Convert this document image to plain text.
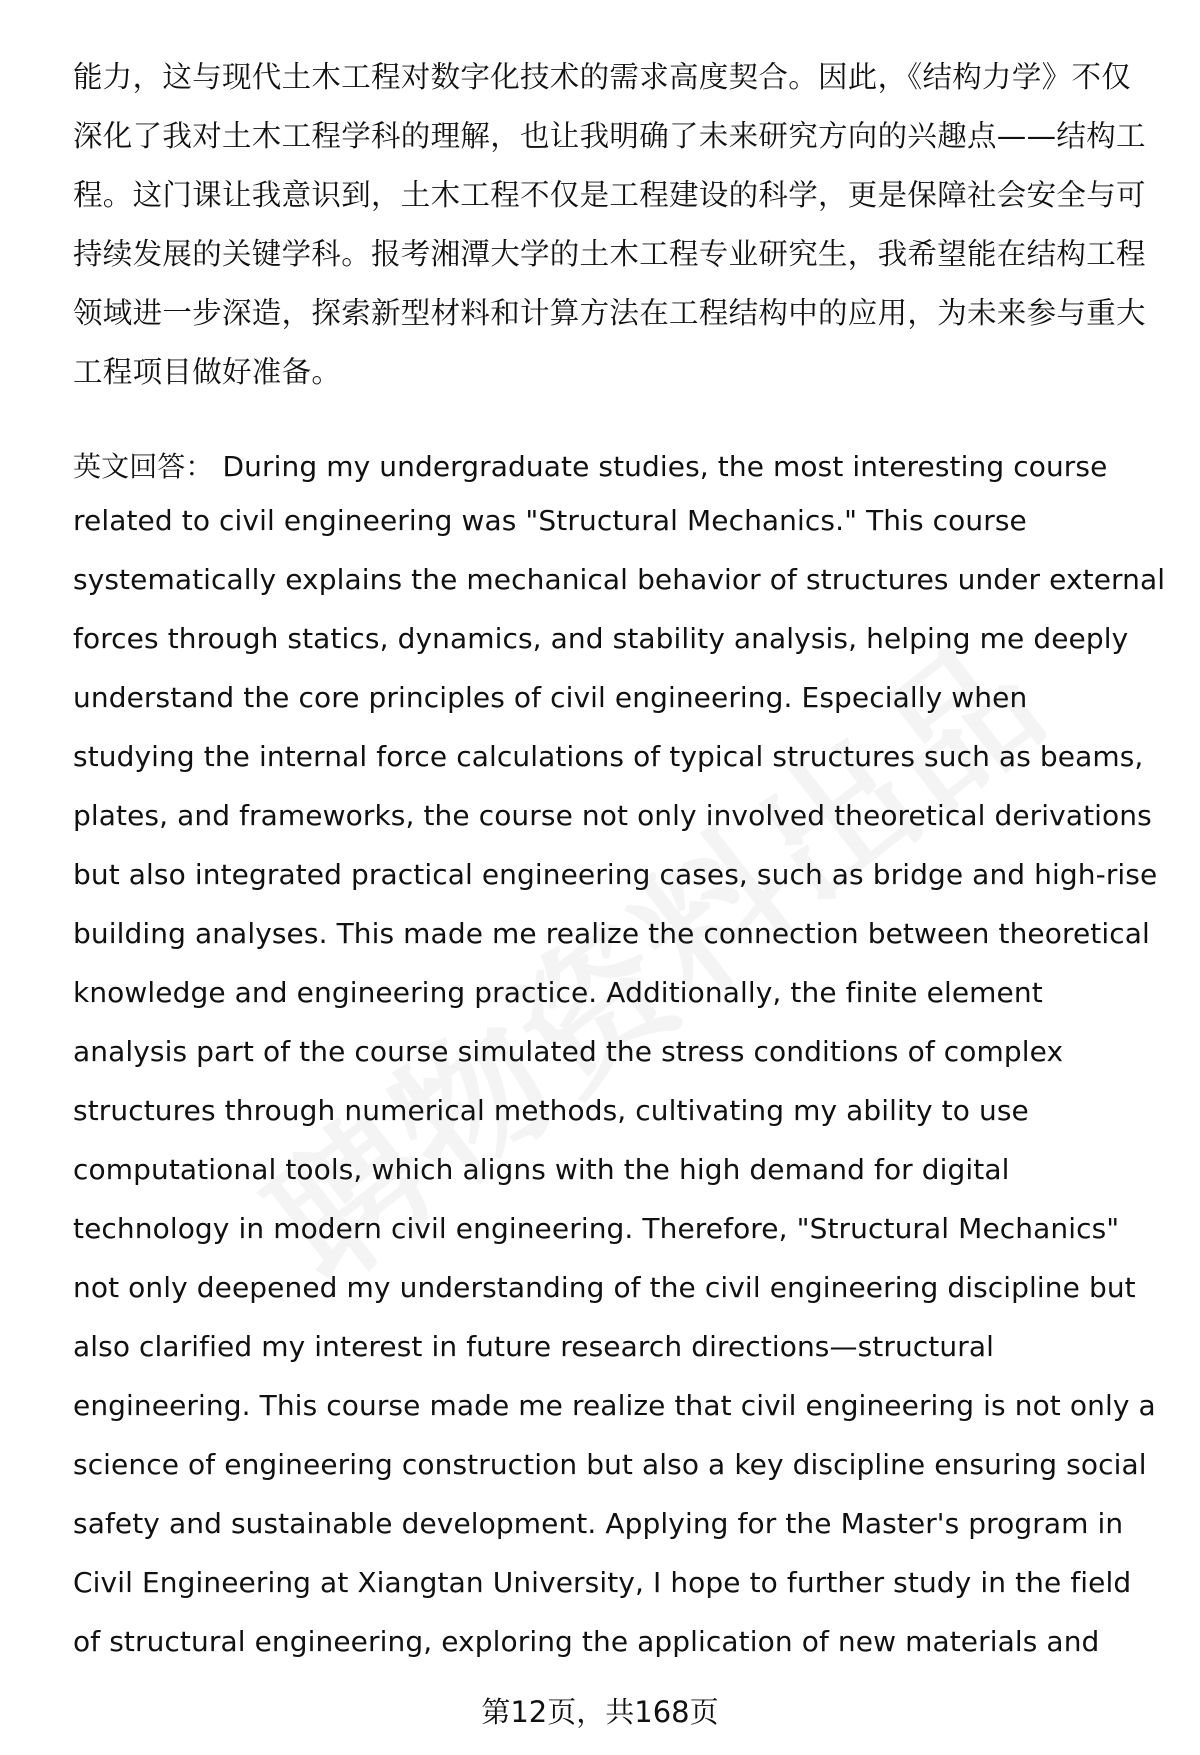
能力，这与现代土木工程对数字化技术的需求高度契合。因此，《结构力学》不仅
深化了我对土木工程学科的理解，也让我明确了未来研究方向的兴趣点——结构工
程。这门课让我意识到，土木工程不仅是工程建设的科学，更是保障社会安全与可
持续发展的关键学科。报考湘潭大学的土木工程专业研究生，我希望能在结构工程
领域进一步深造，探索新型材料和计算方法在工程结构中的应用，为未来参与重大
工程项目做好准备。
英文回答： During my undergraduate studies, the most interesting course
related to civil engineering was "Structural Mechanics." This course
systematically explains the mechanical behavior of structures under external
forces through statics, dynamics, and stability analysis, helping me deeply
understand the core principles of civil engineering. Especially when
studying the internal force calculations of typical structures such as beams,
plates, and frameworks, the course not only involved theoretical derivations
but also integrated practical engineering cases, such as bridge and high-rise
building analyses. This made me realize the connection between theoretical
knowledge and engineering practice. Additionally, the finite element
analysis part of the course simulated the stress conditions of complex
structures through numerical methods, cultivating my ability to use
computational tools, which aligns with the high demand for digital
technology in modern civil engineering. Therefore, "Structural Mechanics"
not only deepened my understanding of the civil engineering discipline but
also clarified my interest in future research directions—structural
engineering. This course made me realize that civil engineering is not only a
science of engineering construction but also a key discipline ensuring social
safety and sustainable development. Applying for the Master's program in
Civil Engineering at Xiangtan University, I hope to further study in the field
of structural engineering, exploring the application of new materials and
第12页，共168页
